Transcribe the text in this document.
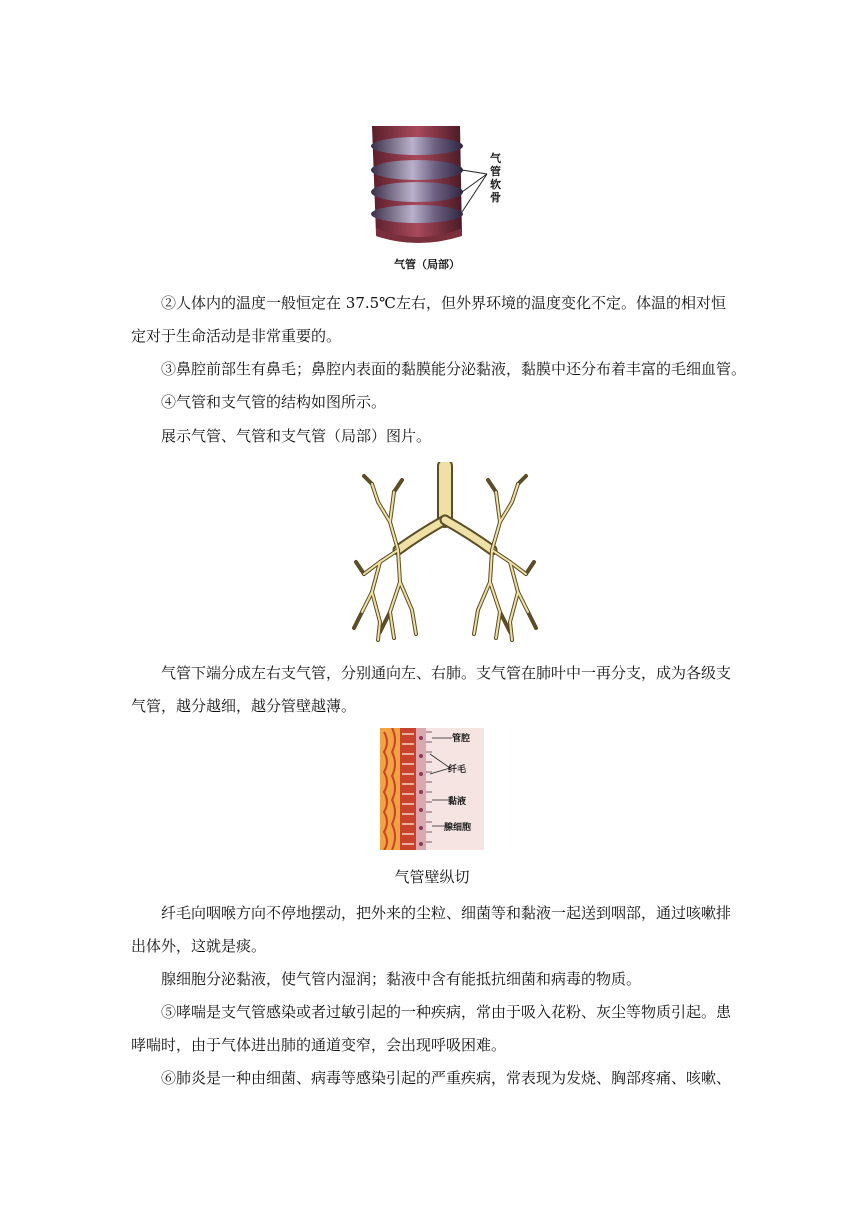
气管软骨
气管（局部）

②人体内的温度一般恒定在 37.5℃左右，但外界环境的温度变化不定。体温的相对恒定对于生命活动是非常重要的。

③鼻腔前部生有鼻毛；鼻腔内表面的黏膜能分泌黏液，黏膜中还分布着丰富的毛细血管。

④气管和支气管的结构如图所示。

展示气管、气管和支气管（局部）图片。

气管下端分成左右支气管，分别通向左、右肺。支气管在肺叶中一再分支，成为各级支气管，越分越细，越分管壁越薄。

管腔
纤毛
黏液
腺细胞
气管壁纵切

纤毛向咽喉方向不停地摆动，把外来的尘粒、细菌等和黏液一起送到咽部，通过咳嗽排出体外，这就是痰。

腺细胞分泌黏液，使气管内湿润；黏液中含有能抵抗细菌和病毒的物质。

⑤哮喘是支气管感染或者过敏引起的一种疾病，常由于吸入花粉、灰尘等物质引起。患哮喘时，由于气体进出肺的通道变窄，会出现呼吸困难。

⑥肺炎是一种由细菌、病毒等感染引起的严重疾病，常表现为发烧、胸部疼痛、咳嗽、
